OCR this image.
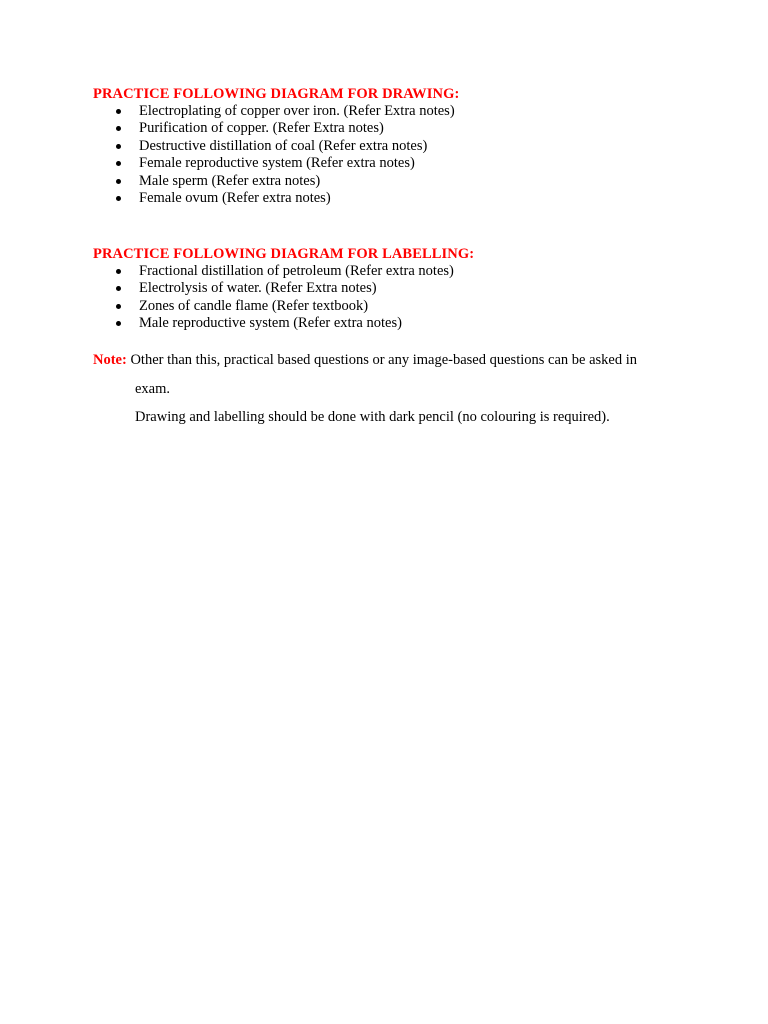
PRACTICE FOLLOWING DIAGRAM FOR DRAWING:
Electroplating of copper over iron. (Refer Extra notes)
Purification of copper. (Refer Extra notes)
Destructive distillation of coal (Refer extra notes)
Female reproductive system (Refer extra notes)
Male sperm (Refer extra notes)
Female ovum (Refer extra notes)
PRACTICE FOLLOWING DIAGRAM FOR LABELLING:
Fractional distillation of petroleum (Refer extra notes)
Electrolysis of water. (Refer Extra notes)
Zones of candle flame (Refer textbook)
Male reproductive system (Refer extra notes)
Note: Other than this, practical based questions or any image-based questions can be asked in
exam.
Drawing and labelling should be done with dark pencil (no colouring is required).
